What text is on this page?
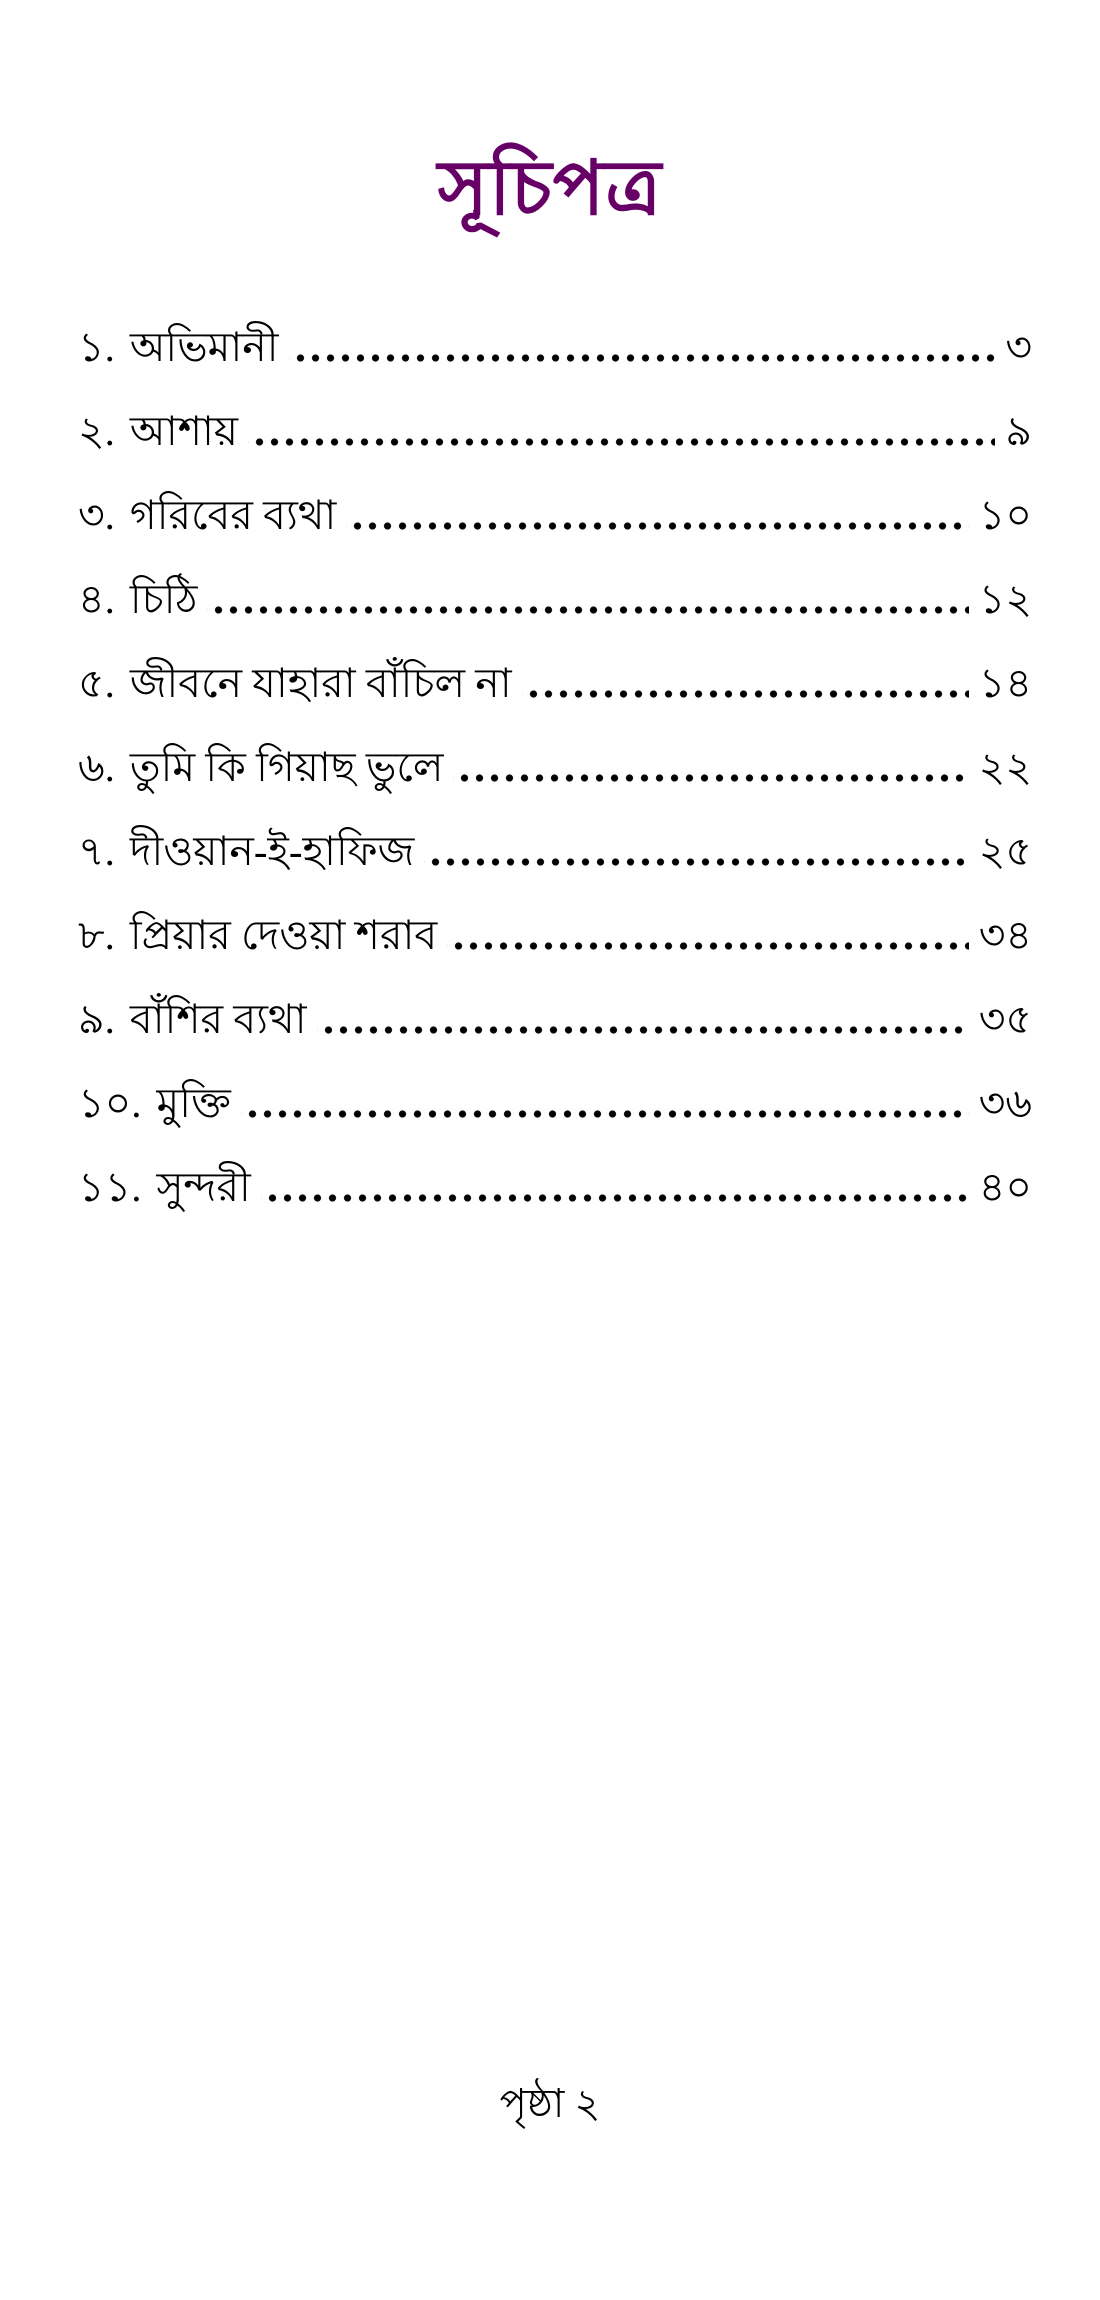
সূচিপত্র
১. অভিমানী	৩
২. আশায়	৯
৩. গরিবের ব্যথা	১০
৪. চিঠি	১২
৫. জীবনে যাহারা বাঁচিল না	১৪
৬. তুমি কি গিয়াছ ভুলে	২২
৭. দীওয়ান-ই-হাফিজ	২৫
৮. প্রিয়ার দেওয়া শরাব	৩৪
৯. বাঁশির ব্যথা	৩৫
১০. মুক্তি	৩৬
১১. সুন্দরী	৪০
পৃষ্ঠা ২
